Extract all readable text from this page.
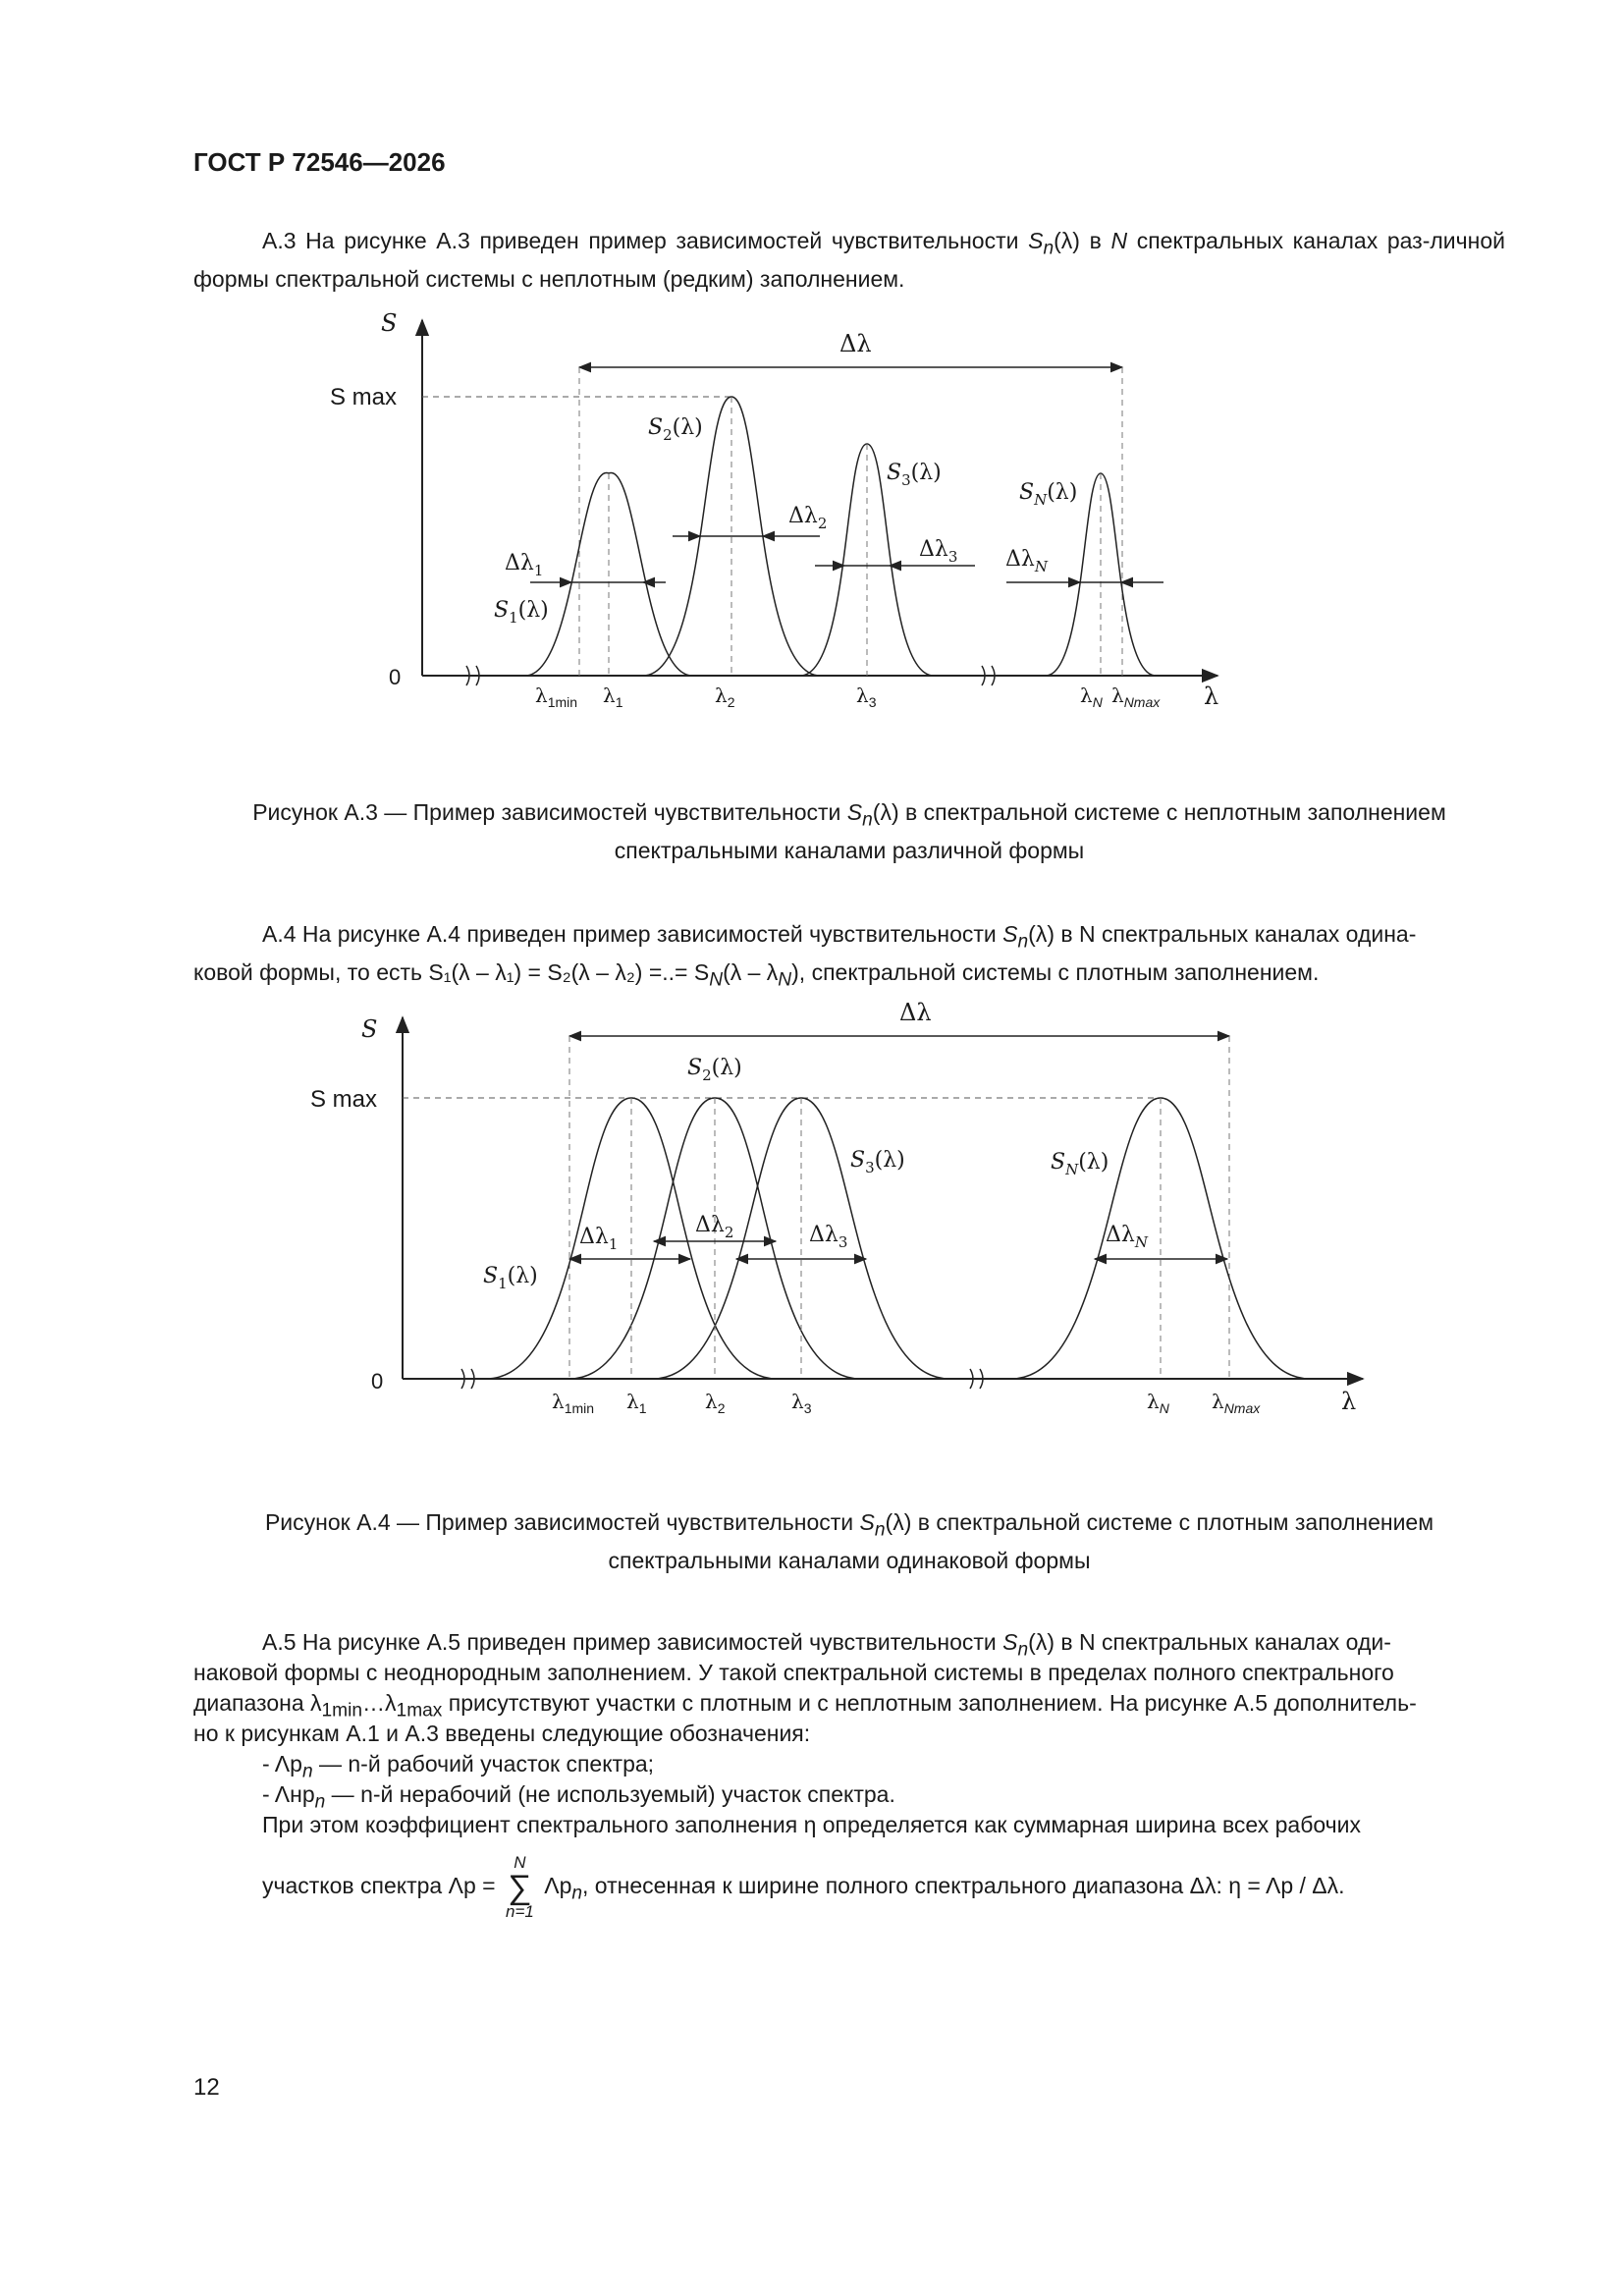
ГОСТ Р 72546—2026

А.3 На рисунке А.3 приведен пример зависимостей чувствительности $S_n(\lambda)$ в N спектральных каналах раз-личной формы спектральной системы с неплотным (редким) заполнением.

S
S max
0
λ
Δλ
$S_1(\lambda)$
$S_2(\lambda)$
$S_3(\lambda)$
$S_N(\lambda)$
$\Delta\lambda_1$
$\Delta\lambda_2$
$\Delta\lambda_3$ $\Delta\lambda_N$
$\lambda_{1min}$ $\lambda_1$	$\lambda_2$	$\lambda_3$	$\lambda_N$ $\lambda_{Nmax}$

Рисунок А.3 — Пример зависимостей чувствительности $S_n(\lambda)$ в спектральной системе с неплотным заполнением
спектральными каналами различной формы

А.4 На рисунке А.4 приведен пример зависимостей чувствительности $S_n(\lambda)$ в N спектральных каналах одина-
ковой формы, то есть S₁(λ – λ₁) = S₂(λ – λ₂) =..= $S_N(\lambda - \lambda_N)$, спектральной системы с плотным заполнением.

S
S max
0
λ
Δλ
$S_1(\lambda)$
$S_2(\lambda)$
$S_3(\lambda)$	$S_N(\lambda)$
$\Delta\lambda_1$
$\Delta\lambda_2$	$\Delta\lambda_3$	$\Delta\lambda_N$
$\lambda_{1min}$ $\lambda_1$	$\lambda_2$	$\lambda_3$	$\lambda_N$ $\lambda_{Nmax}$

Рисунок А.4 — Пример зависимостей чувствительности $S_n(\lambda)$ в спектральной системе с плотным заполнением
спектральными каналами одинаковой формы

А.5 На рисунке А.5 приведен пример зависимостей чувствительности $S_n(\lambda)$ в N спектральных каналах оди-

наковой формы с неоднородным заполнением. У такой спектральной системы в пределах полного спектрального

диапазона $\lambda_{1min}\dots\lambda_{1max}$ присутствуют участки с плотным и с неплотным заполнением. На рисунке А.5 дополнитель-

но к рисункам А.1 и А.3 введены следующие обозначения:

- $\Lambda p_n$ — n-й рабочий участок спектра;

- Λнp$_n$ — n-й нерабочий (не используемый) участок спектра.

При этом коэффициент спектрального заполнения η определяется как суммарная ширина всех рабочих

участков спектра Λp =
N
∑
n=1
$\Lambda p_n$, отнесенная к ширине полного спектрального диапазона Δλ: η = Λp / Δλ.

12
